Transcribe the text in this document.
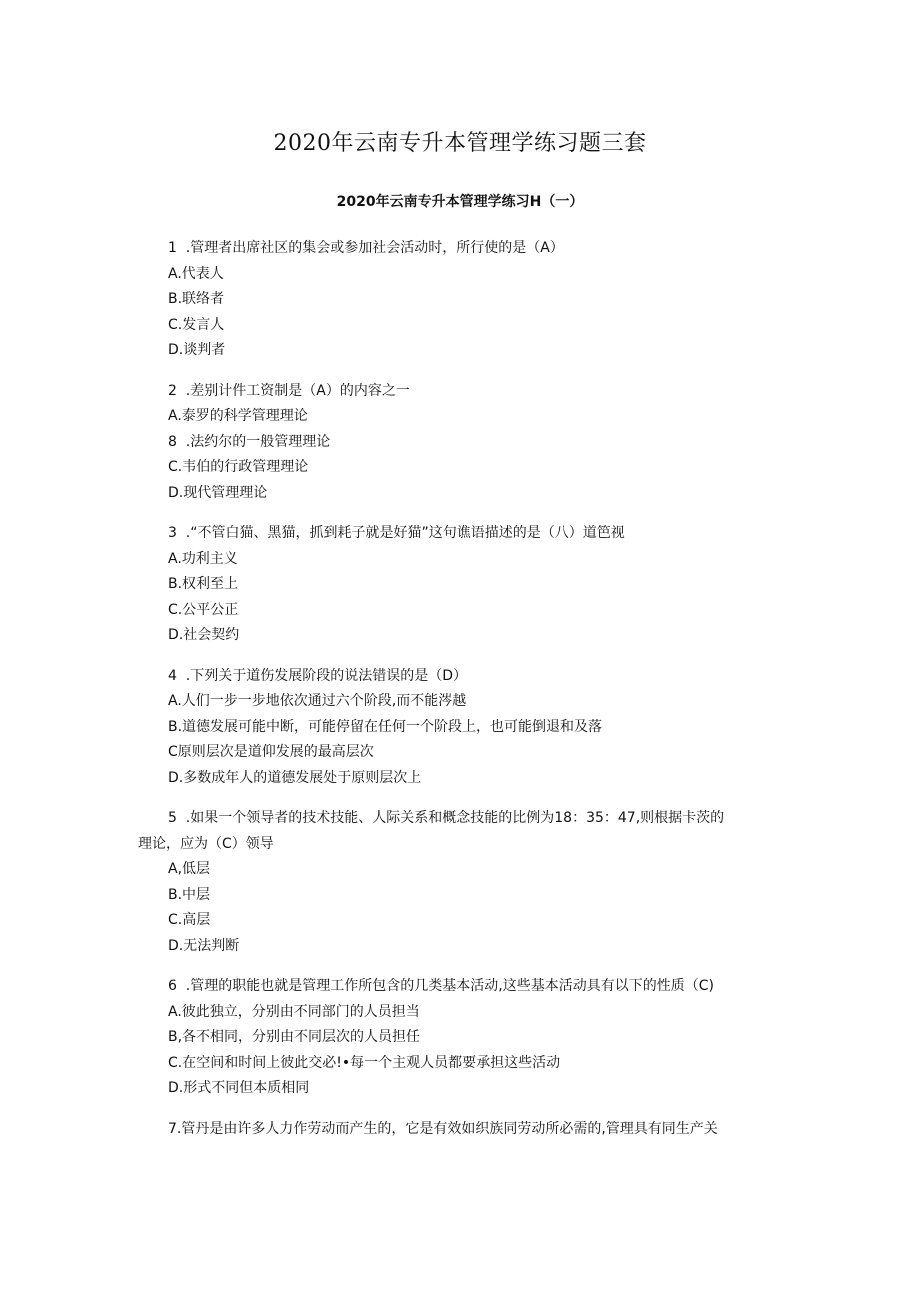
2020年云南专升本管理学练习题三套
2020年云南专升本管理学练习H（一）
1  .管理者出席社区的集会或参加社会活动时，所行使的是（A）
A.代表人
B.联络者
C.发言人
D.谈判者
2  .差别计件工资制是（A）的内容之一
A.泰罗的科学管理理论
8  .法约尔的一般管理理论
C.韦伯的行政管理理论
D.现代管理理论
3  .“不管白猫、黑猫，抓到耗子就是好猫”这句谯语描述的是（八）道笆视
A.功利主义
B.权利至上
C.公平公正
D.社会契约
4  .下列关于道伤发展阶段的说法错误的是（D）
A.人们一步一步地依次通过六个阶段,而不能涔越
B.道德发展可能中断，可能停留在任何一个阶段上，也可能倒退和及落
C原则层次是道仰发展的最高层次
D.多数成年人的道德发展处于原则层次上
5  .如果一个领导者的技术技能、人际关系和概念技能的比例为18：35：47,则根据卡茨的
理论，应为（C）领导
A,低层
B.中层
C.高层
D.无法判断
6  .管理的职能也就是管理工作所包含的几类基本活动,这些基本活动具有以下的性质（C)
A.彼此独立，分别由不同部门的人员担当
B,各不相同，分别由不同层次的人员担任
C.在空间和时间上彼此交必!•每一个主观人员都要承担这些活动
D.形式不同但本质相同
7.管丹是由许多人力作劳动而产生的，它是有效如织族同劳动所必需的,管理具有同生产关
